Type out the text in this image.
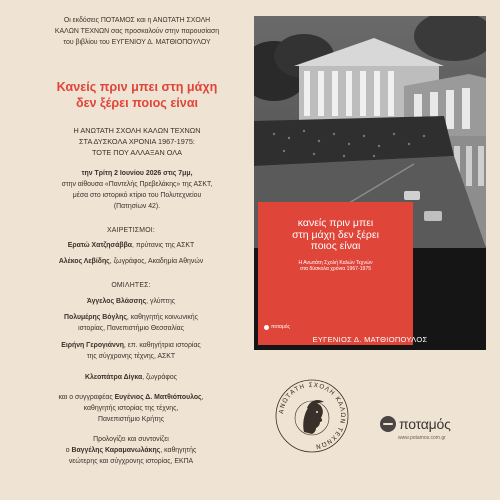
Οι εκδόσεις ΠΟΤΑΜΟΣ και η ΑΝΩΤΑΤΗ ΣΧΟΛΗ
ΚΑΛΩΝ ΤΕΧΝΩΝ σας προσκαλούν στην παρουσίαση
του βιβλίου του ΕΥΓΕΝΙΟΥ Δ. ΜΑΤΘΙΟΠΟΥΛΟΥ
Κανείς πριν μπει στη μάχη
δεν ξέρει ποιος είναι
Η ΑΝΩΤΑΤΗ ΣΧΟΛΗ ΚΑΛΩΝ ΤΕΧΝΩΝ
ΣΤΑ ΔΥΣΚΟΛΑ ΧΡΟΝΙΑ 1967-1975:
ΤΟΤΕ ΠΟΥ ΑΛΛΑΞΑΝ ΟΛΑ
την Τρίτη 2 Ιουνίου 2026 στις 7μμ,
στην αίθουσα «Παντελής Πρεβελάκης» της ΑΣΚΤ,
μέσα στο ιστορικό κτίριο του Πολυτεχνείου
(Πατησίων 42).
ΧΑΙΡΕΤΙΣΜΟΙ:
Ερατώ Χατζησάββα, πρύτανις της ΑΣΚΤ
Αλέκος Λεβίδης, ζωγράφος, Ακαδημία Αθηνών
ΟΜΙΛΗΤΕΣ:
Άγγελος Βλάσσης, γλύπτης
Πολυμέρης Βόγλης, καθηγητής κοινωνικής
ιστορίας, Πανεπιστήμιο Θεσσαλίας
Ειρήνη Γερογιάννη, επ. καθηγήτρια ιστορίας
της σύγχρονης τέχνης, ΑΣΚΤ
Κλεοπάτρα Δίγκα, ζωγράφος
και ο συγγραφέας Ευγένιος Δ. Ματθιόπουλος,
καθηγητής ιστορίας της τέχνης,
Πανεπιστήμιο Κρήτης
Προλογίζει και συντονίζει
ο Βαγγέλης Καραμανωλάκης, καθηγητής
νεώτερης και σύγχρονης ιστορίας, ΕΚΠΑ
κανείς πριν μπει
στη μάχη δεν ξέρει
ποιος είναι
Η Ανωτάτη Σχολή Καλών Τεχνών
στα δύσκολα χρόνια 1967-1975
ποταμός
ΕΥΓΕΝΙΟΣ Δ. ΜΑΤΘΙΟΠΟΥΛΟΣ
ΑΝΩΤΑΤΗ ΣΧΟΛΗ ΚΑΛΩΝ ΤΕΧΝΩΝ
ποταμός
www.potamos.com.gr
